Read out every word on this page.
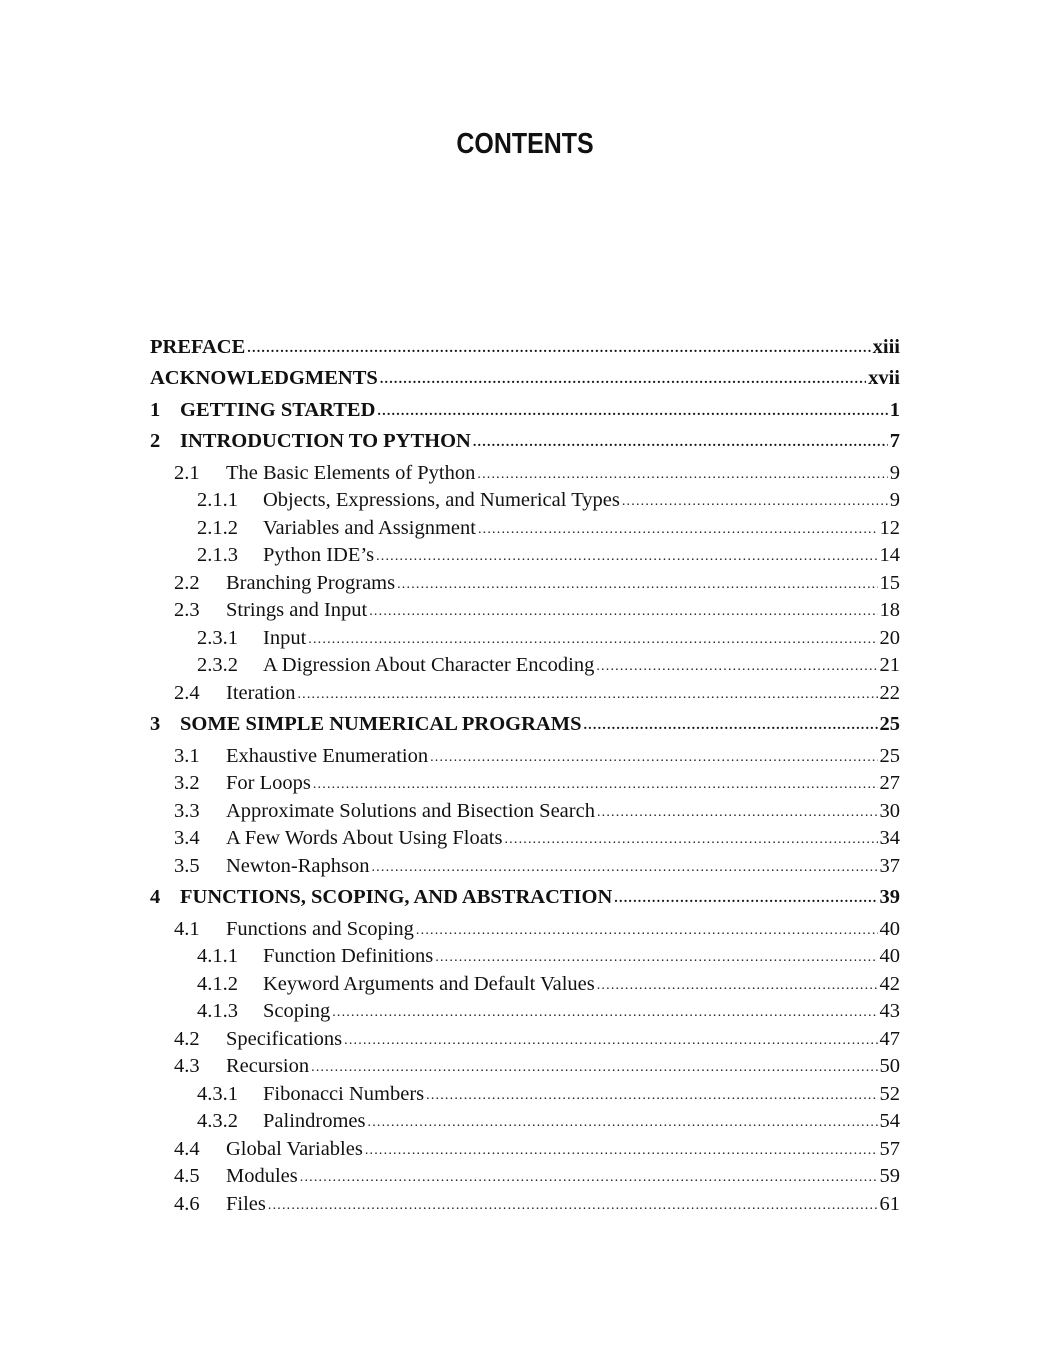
CONTENTS
PREFACE .....	xiii
ACKNOWLEDGMENTS .....	xvii
1 GETTING STARTED .....	1
2 INTRODUCTION TO PYTHON .....	7
2.1	The Basic Elements of Python .....	9
2.1.1	Objects, Expressions, and Numerical Types .....	9
2.1.2	Variables and Assignment .....	12
2.1.3	Python IDE’s .....	14
2.2	Branching Programs .....	15
2.3	Strings and Input .....	18
2.3.1	Input .....	20
2.3.2	A Digression About Character Encoding .....	21
2.4	Iteration .....	22
3 SOME SIMPLE NUMERICAL PROGRAMS .....	25
3.1	Exhaustive Enumeration .....	25
3.2	For Loops .....	27
3.3	Approximate Solutions and Bisection Search .....	30
3.4	A Few Words About Using Floats .....	34
3.5	Newton-Raphson .....	37
4 FUNCTIONS, SCOPING, AND ABSTRACTION .....	39
4.1	Functions and Scoping .....	40
4.1.1	Function Definitions .....	40
4.1.2	Keyword Arguments and Default Values .....	42
4.1.3	Scoping .....	43
4.2	Specifications .....	47
4.3	Recursion .....	50
4.3.1	Fibonacci Numbers .....	52
4.3.2	Palindromes .....	54
4.4	Global Variables .....	57
4.5	Modules .....	59
4.6	Files .....	61
